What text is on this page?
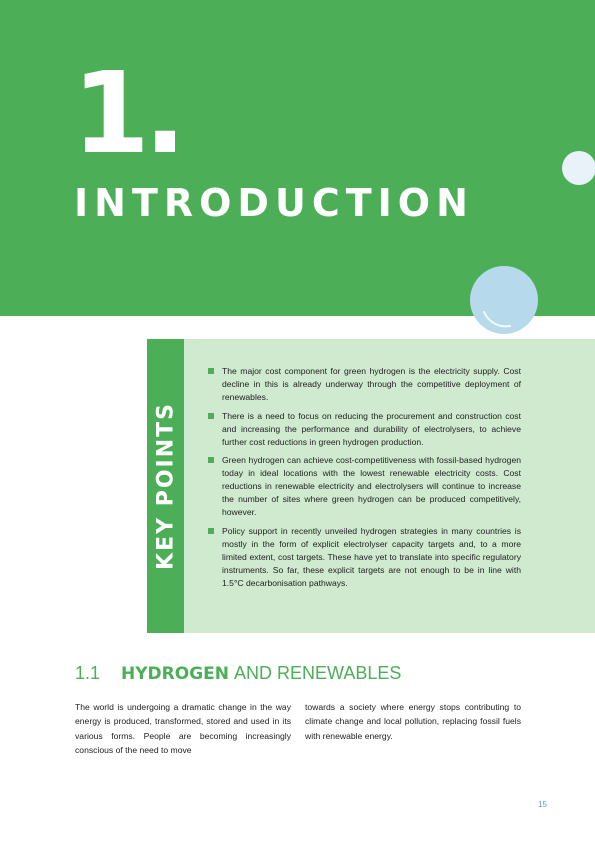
1.
INTRODUCTION
KEY POINTS
The major cost component for green hydrogen is the electricity supply. Cost decline in this is already underway through the competitive deployment of renewables.
There is a need to focus on reducing the procurement and construction cost and increasing the performance and durability of electrolysers, to achieve further cost reductions in green hydrogen production.
Green hydrogen can achieve cost-competitiveness with fossil-based hydrogen today in ideal locations with the lowest renewable electricity costs. Cost reductions in renewable electricity and electrolysers will continue to increase the number of sites where green hydrogen can be produced competitively, however.
Policy support in recently unveiled hydrogen strategies in many countries is mostly in the form of explicit electrolyser capacity targets and, to a more limited extent, cost targets. These have yet to translate into specific regulatory instruments. So far, these explicit targets are not enough to be in line with 1.5°C decarbonisation pathways.
1.1 HYDROGEN AND RENEWABLES

The world is undergoing a dramatic change in the way energy is produced, transformed, stored and used in its various forms. People are becoming increasingly conscious of the need to move

towards a society where energy stops contributing to climate change and local pollution, replacing fossil fuels with renewable energy.

15
